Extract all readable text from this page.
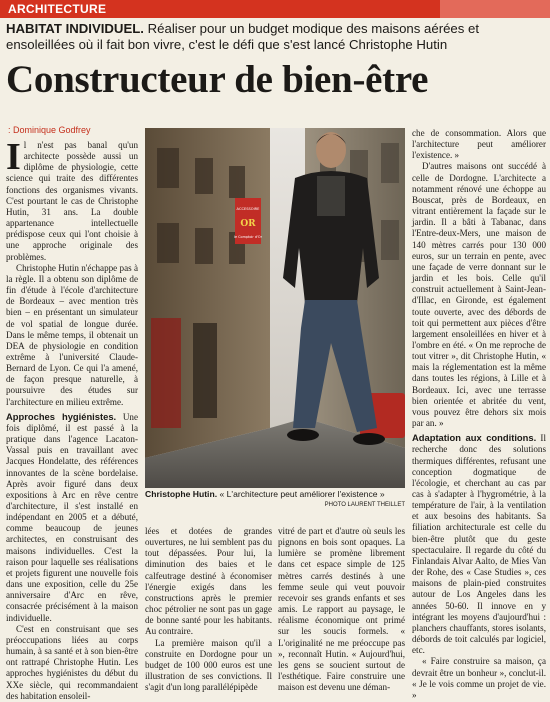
ARCHITECTURE
HABITAT INDIVIDUEL. Réaliser pour un budget modique des maisons aérées et ensoleillées où il fait bon vivre, c'est le défi que s'est lancé Christophe Hutin
Constructeur de bien-être
: Dominique Godfrey
I l n'est pas banal qu'un architecte possède aussi un diplôme de physiologie, cette science qui traite des différentes fonctions des organismes vivants. C'est pourtant le cas de Christophe Hutin, 31 ans. La double appartenance intellectuelle prédispose ceux qui l'ont choisie à une approche originale des problèmes.

Christophe Hutin n'échappe pas à la règle. Il a obtenu son diplôme de fin d'étude à l'école d'architecture de Bordeaux – avec mention très bien – en présentant un simulateur de vol spatial de longue durée. Dans le même temps, il obtenait un DEA de physiologie en condition extrême à l'université Claude-Bernard de Lyon. Ce qui l'a amené, de façon presque naturelle, à poursuivre des études sur l'architecture en milieu extrême.

Approches hygiénistes. Une fois diplômé, il est passé à la pratique dans l'agence Lacaton-Vassal puis en travaillant avec Jacques Hondelatte, des références innovantes de la scène bordelaise. Après avoir figuré dans deux expositions à Arc en rêve centre d'architecture, il s'est installé en indépendant en 2005 et a débuté, comme beaucoup de jeunes architectes, en construisant des maisons individuelles. C'est la raison pour laquelle ses réalisations et projets figurent une nouvelle fois dans une exposition, celle du 25e anniversaire d'Arc en rêve, consacrée précisément à la maison individuelle.

C'est en construisant que ses préoccupations liées au corps humain, à sa santé et à son bien-être ont rattrapé Christophe Hutin. Les approches hygiénistes du début du XXe siècle, qui recommandaient des habitation ensoleil-

ACCESSOIRE
OR
le Comptoir d'Or
Christophe Hutin. « L'architecture peut améliorer l'existence »
PHOTO LAURENT THEILLET

lées et dotées de grandes ouvertures, ne lui semblent pas du tout dépassées. Pour lui, la diminution des baies et le calfeutrage destiné à économiser l'énergie exigés dans les constructions après le premier choc pétrolier ne sont pas un gage de bonne santé pour les habitants. Au contraire.

La première maison qu'il a construite en Dordogne pour un budget de 100 000 euros est une illustration de ses convictions. Il s'agit d'un long parallélépipède

vitré de part et d'autre où seuls les pignons en bois sont opaques. La lumière se promène librement dans cet espace simple de 125 mètres carrés destinés à une femme seule qui veut pouvoir recevoir ses grands enfants et ses amis. Le rapport au paysage, le réalisme économique ont primé sur les soucis formels. « L'originalité ne me préoccupe pas », reconnaît Hutin. « Aujourd'hui, les gens se soucient surtout de l'esthétique. Faire construire une maison est devenu une déman-

che de consommation. Alors que l'architecture peut améliorer l'existence. »

D'autres maisons ont succédé à celle de Dordogne. L'architecte a notamment rénové une échoppe au Bouscat, près de Bordeaux, en vitrant entièrement la façade sur le jardin. Il a bâti à Tabanac, dans l'Entre-deux-Mers, une maison de 140 mètres carrés pour 130 000 euros, sur un terrain en pente, avec une façade de verre donnant sur le jardin et les bois. Celle qu'il construit actuellement à Saint-Jean-d'Illac, en Gironde, est également toute ouverte, avec des débords de toit qui permettent aux pièces d'être largement ensoleillées en hiver et à l'ombre en été. « On me reproche de tout vitrer », dit Christophe Hutin, « mais la réglementation est la même dans toutes les régions, à Lille et à Bordeaux. Ici, avec une terrasse bien orientée et abritée du vent, vous pouvez être dehors six mois par an. »

Adaptation aux conditions. Il recherche donc des solutions thermiques différentes, refusant une conception dogmatique de l'écologie, et cherchant au cas par cas à s'adapter à l'hygrométrie, à la température de l'air, à la ventilation et aux besoins des habitants. Sa filiation architecturale est celle du bien-être plutôt que du geste spectaculaire. Il regarde du côté du Finlandais Alvar Aalto, de Mies Van der Rohe, des « Case Studies », ces maisons de plain-pied construites autour de Los Angeles dans les années 50-60. Il innove en y intégrant les moyens d'aujourd'hui : planchers chauffants, stores isolants, débords de toit calculés par logiciel, etc.

« Faire construire sa maison, ça devrait être un bonheur », conclut-il. « Je le vois comme un projet de vie. »
